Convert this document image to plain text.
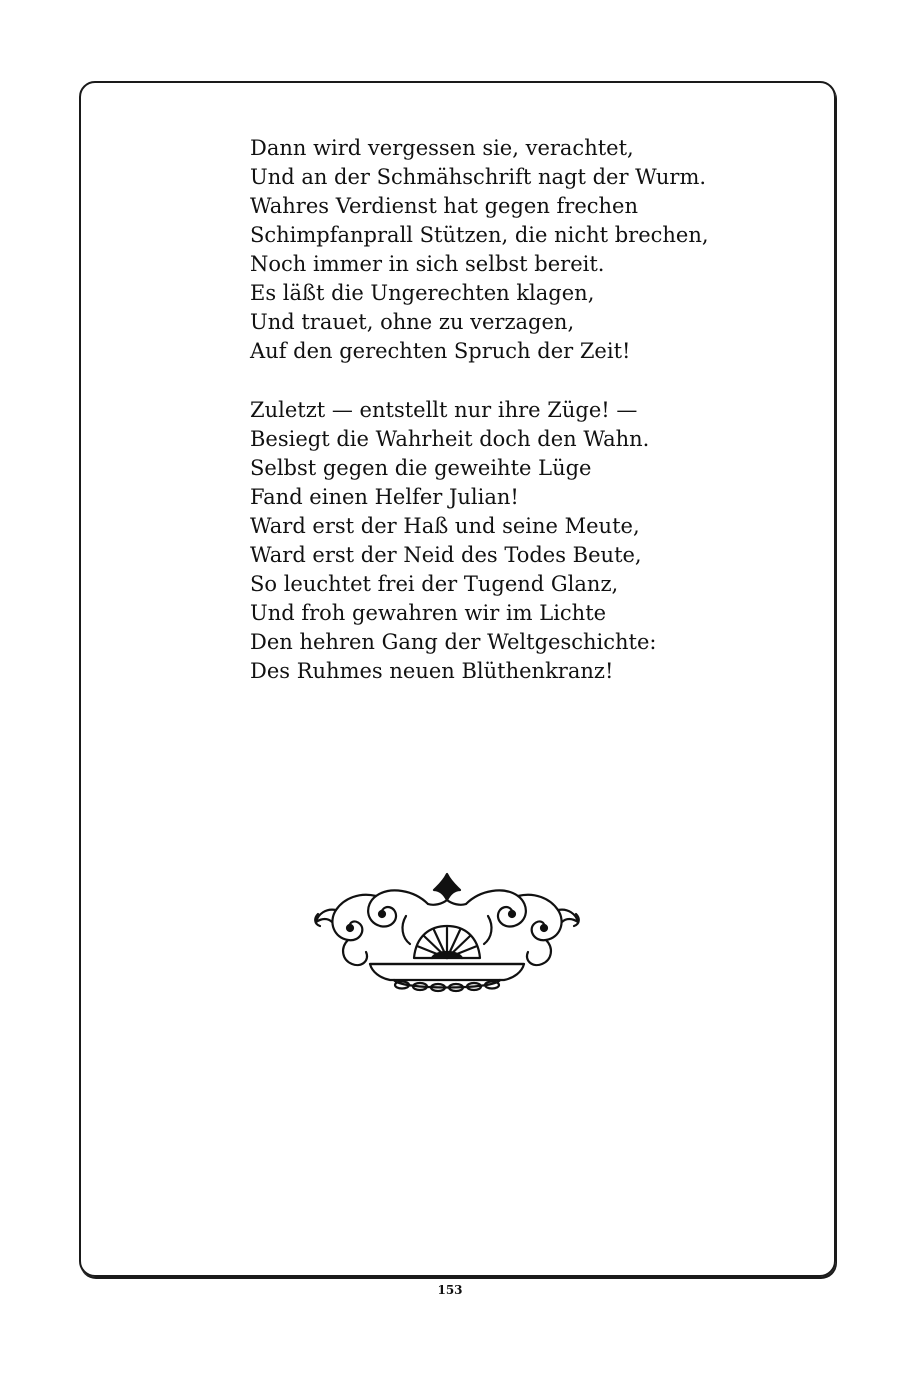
Dann wird vergessen sie, verachtet,
Und an der Schmähschrift nagt der Wurm.
Wahres Verdienst hat gegen frechen
Schimpfanprall Stützen, die nicht brechen,
Noch immer in sich selbst bereit.
Es läßt die Ungerechten klagen,
Und trauet, ohne zu verzagen,
Auf den gerechten Spruch der Zeit!
Zuletzt — entstellt nur ihre Züge! —
Besiegt die Wahrheit doch den Wahn.
Selbst gegen die geweihte Lüge
Fand einen Helfer Julian!
Ward erst der Haß und seine Meute,
Ward erst der Neid des Todes Beute,
So leuchtet frei der Tugend Glanz,
Und froh gewahren wir im Lichte
Den hehren Gang der Weltgeschichte:
Des Ruhmes neuen Blüthenkranz!
153
